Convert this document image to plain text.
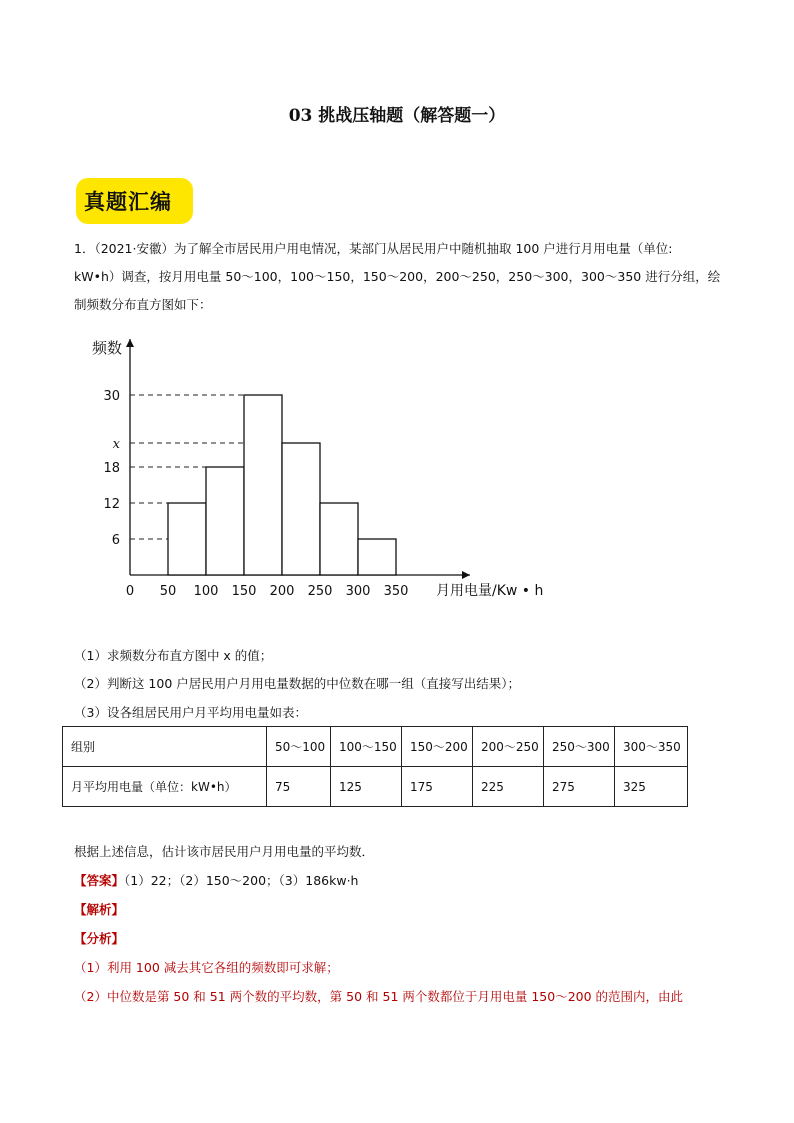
03 挑战压轴题（解答题一）
真题汇编
1．（2021·安徽）为了解全市居民用户用电情况，某部门从居民用户中随机抽取 100 户进行月用电量（单位:
kW•h）调查，按月用电量 50～100，100～150，150～200，200～250，250～300，300～350 进行分组，绘
制频数分布直方图如下：
6
12
18
x
30
0 50 100 150 200 250 300 350
频数
月用电量/Kw • h
（1）求频数分布直方图中 x 的值；
（2）判断这 100 户居民用户月用电量数据的中位数在哪一组（直接写出结果）；
（3）设各组居民用户月平均用电量如表：
组别	50～100	100～150	150～200	200～250	250～300	300～350
月平均用电量（单位：kW•h）	75	125	175	225	275	325
根据上述信息，估计该市居民用户月用电量的平均数．
【答案】（1）22；（2）150～200；（3）186kw·h
【解析】
【分析】
（1）利用 100 减去其它各组的频数即可求解；
（2）中位数是第 50 和 51 两个数的平均数，第 50 和 51 两个数都位于月用电量 150～200 的范围内，由此
